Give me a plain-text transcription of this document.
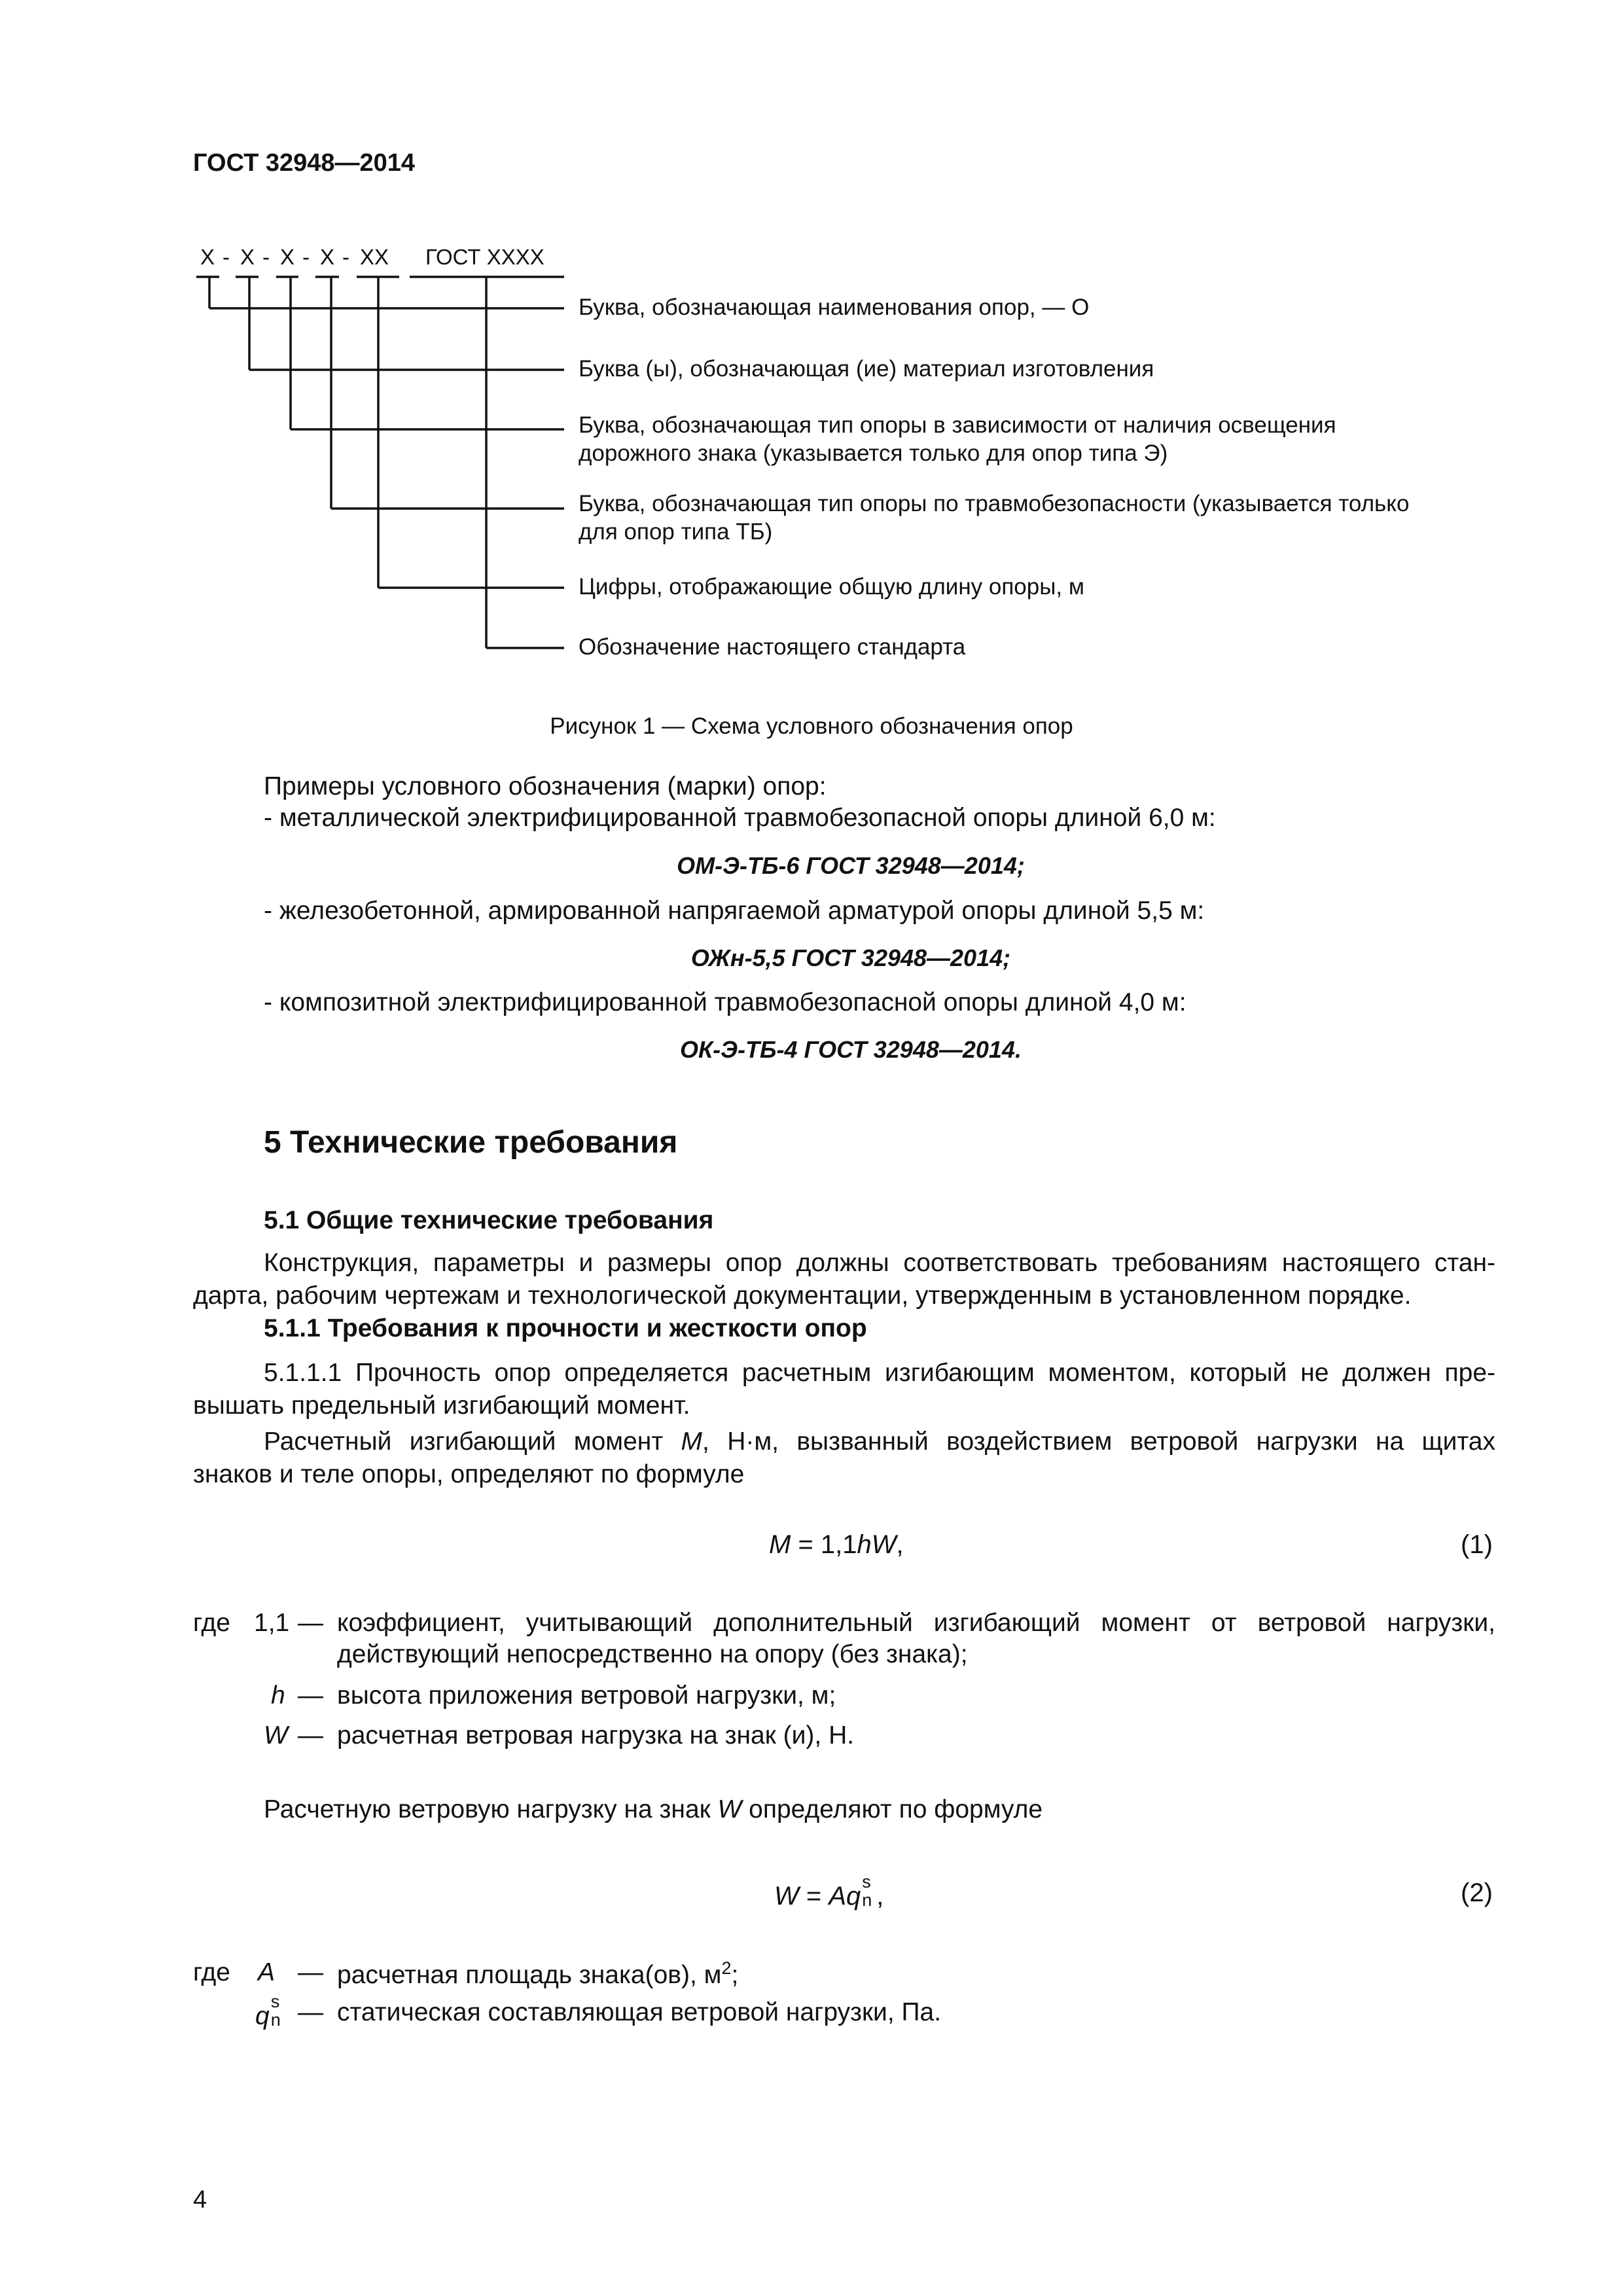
ГОСТ 32948—2014
X - X - X - X - XX ГОСТ XXXX
Буква, обозначающая наименования опор, — О
Буква (ы), обозначающая (ие) материал изготовления
Буква, обозначающая тип опоры в зависимости от наличия освещения
дорожного знака (указывается только для опор типа Э)
Буква, обозначающая тип опоры по травмобезопасности (указывается только
для опор типа ТБ)
Цифры, отображающие общую длину опоры, м
Обозначение настоящего стандарта
Рисунок 1 — Схема условного обозначения опор
Примеры условного обозначения (марки) опор:
- металлической электрифицированной травмобезопасной опоры длиной 6,0 м:
ОМ-Э-ТБ-6 ГОСТ 32948—2014;
- железобетонной, армированной напрягаемой арматурой опоры длиной 5,5 м:
ОЖн-5,5 ГОСТ 32948—2014;
- композитной электрифицированной травмобезопасной опоры длиной 4,0 м:
ОК-Э-ТБ-4 ГОСТ 32948—2014.
5 Технические требования
5.1 Общие технические требования
Конструкция, параметры и размеры опор должны соответствовать требованиям настоящего стан-
дарта, рабочим чертежам и технологической документации, утвержденным в установленном порядке.
5.1.1 Требования к прочности и жесткости опор
5.1.1.1 Прочность опор определяется расчетным изгибающим моментом, который не должен пре-
вышать предельный изгибающий момент.
Расчетный изгибающий момент M, Н·м, вызванный воздействием ветровой нагрузки на щитах
знаков и теле опоры, определяют по формуле
M = 1,1hW,	(1)
где 1,1 — коэффициент, учитывающий дополнительный изгибающий момент от ветровой нагрузки,
действующий непосредственно на опору (без знака);
h — высота приложения ветровой нагрузки, м;
W — расчетная ветровая нагрузка на знак (и), Н.
Расчетную ветровую нагрузку на знак W определяют по формуле
W = Aq s
n ,	(2)
где A — расчетная площадь знака(ов), $м^2$;
q
s
n — статическая составляющая ветровой нагрузки, Па.
4
